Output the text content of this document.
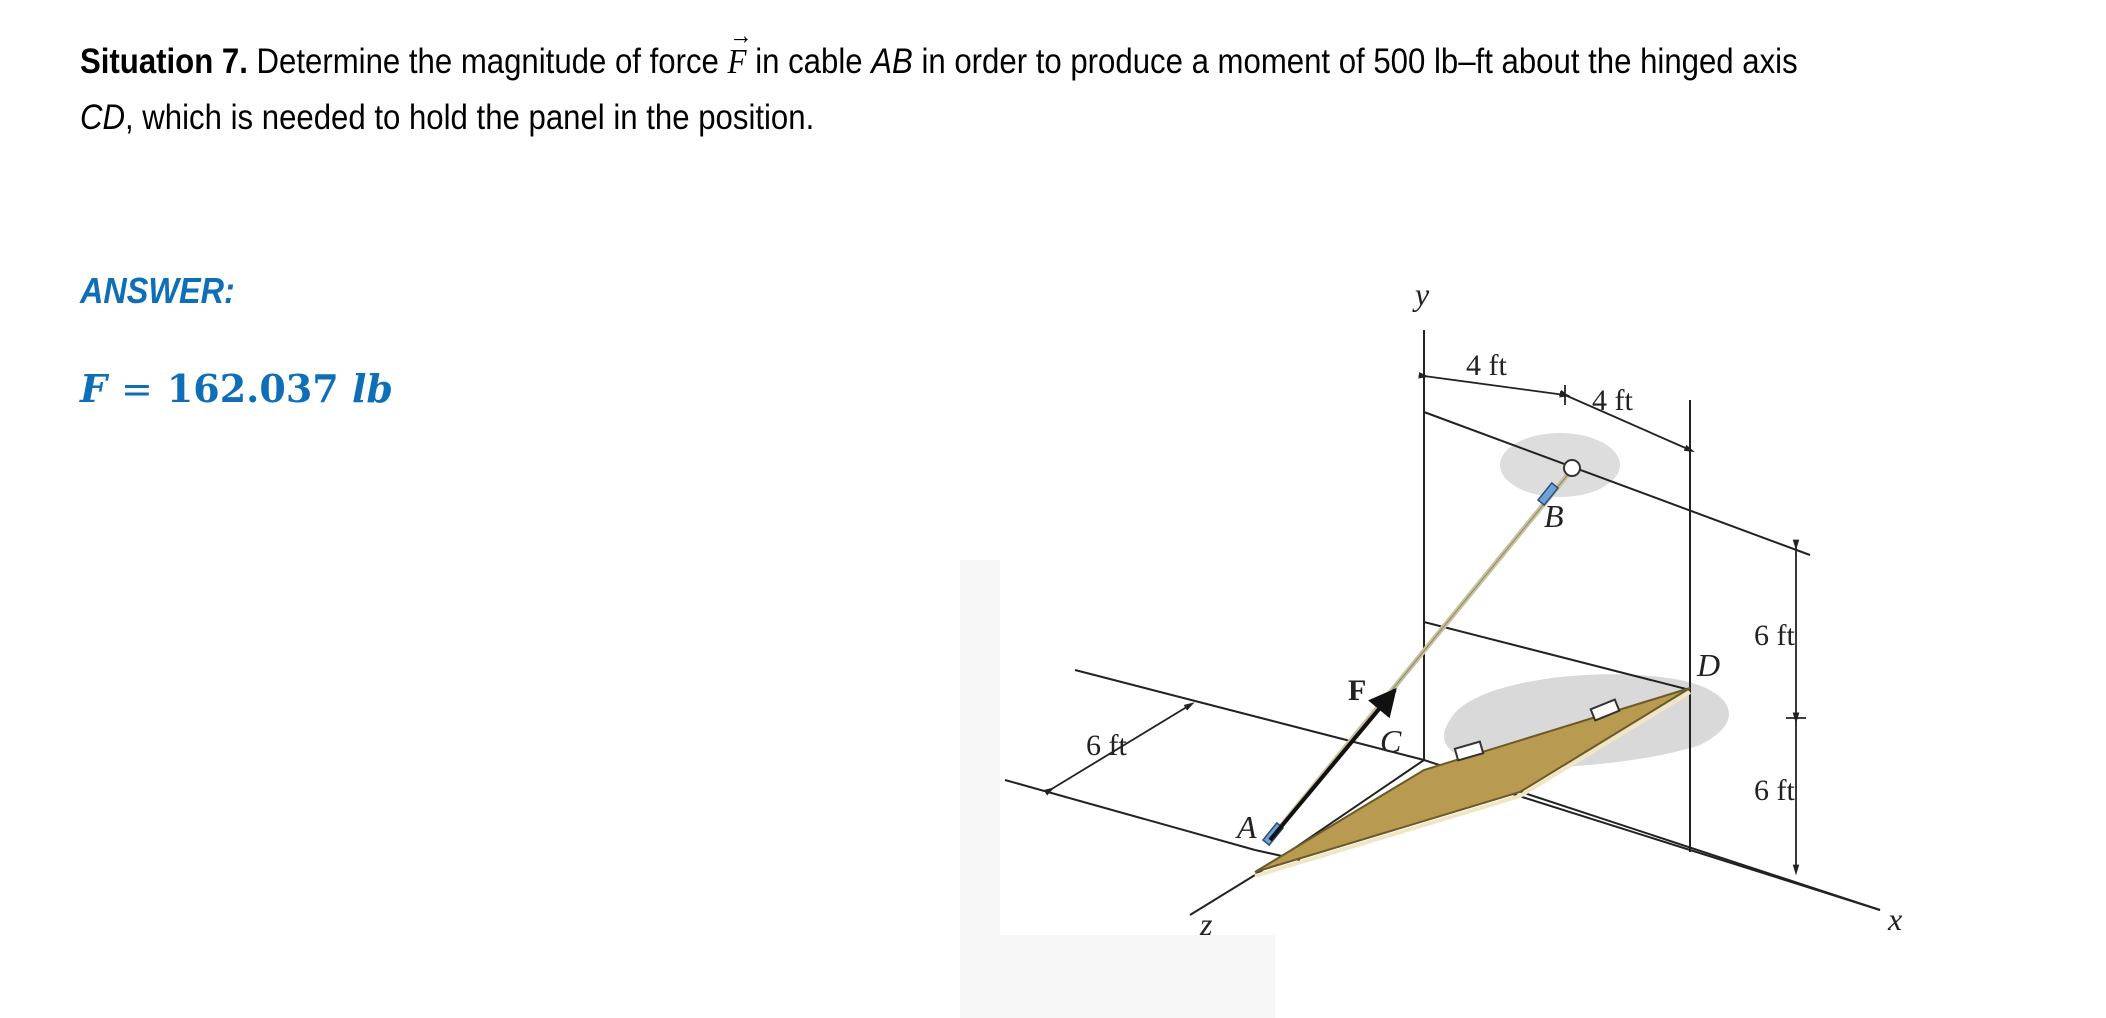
Situation 7. Determine the magnitude of force
→
F in cable AB in order to produce a moment of 500 lb–ft about the hinged axis CD, which is needed to hold the panel in the position.
ANSWER:
F = 162.037 lb
y
x
z
A
B
C
D
F
4 ft
4 ft
6 ft
6 ft
6 ft
